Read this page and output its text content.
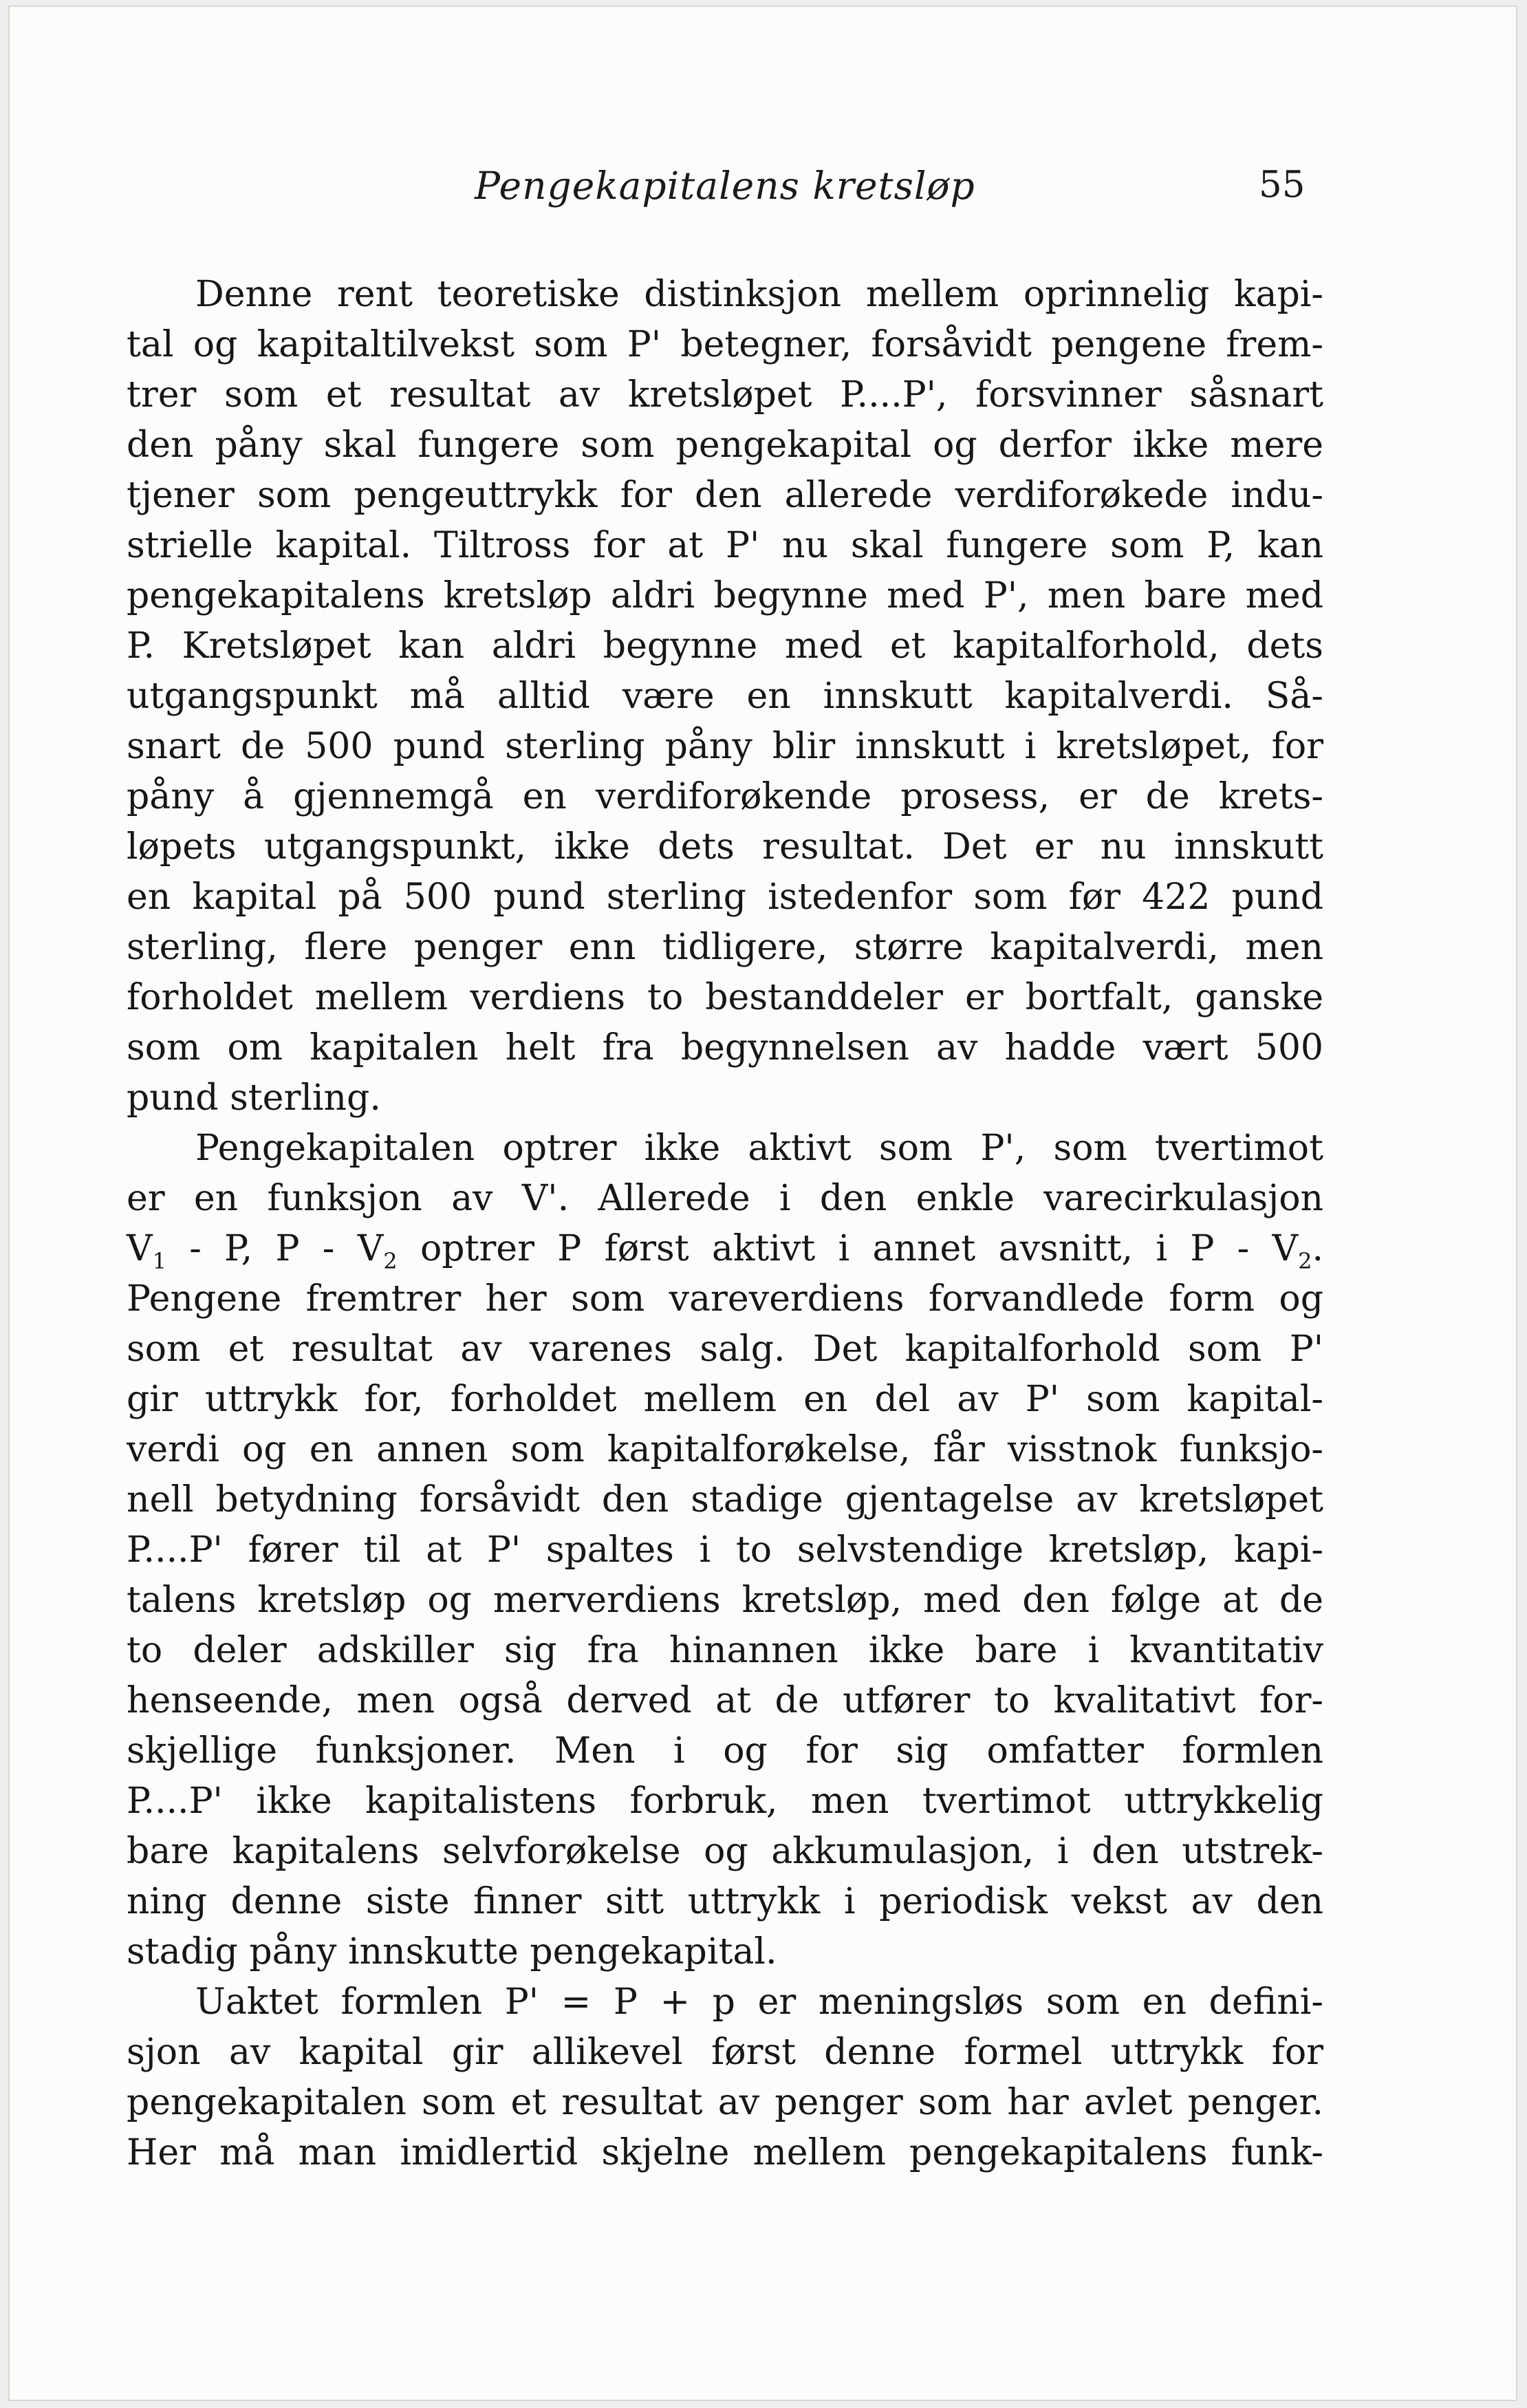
Pengekapitalens kretsløp	55
Denne rent teoretiske distinksjon mellem oprinnelig kapi-
tal og kapitaltilvekst som P' betegner, forsåvidt pengene frem-
trer som et resultat av kretsløpet P....P', forsvinner såsnart
den påny skal fungere som pengekapital og derfor ikke mere
tjener som pengeuttrykk for den allerede verdiforøkede indu-
strielle kapital. Tiltross for at P' nu skal fungere som P, kan
pengekapitalens kretsløp aldri begynne med P', men bare med
P. Kretsløpet kan aldri begynne med et kapitalforhold, dets
utgangspunkt må alltid være en innskutt kapitalverdi. Så-
snart de 500 pund sterling påny blir innskutt i kretsløpet, for
påny å gjennemgå en verdiforøkende prosess, er de krets-
løpets utgangspunkt, ikke dets resultat. Det er nu innskutt
en kapital på 500 pund sterling istedenfor som før 422 pund
sterling, flere penger enn tidligere, større kapitalverdi, men
forholdet mellem verdiens to bestanddeler er bortfalt, ganske
som om kapitalen helt fra begynnelsen av hadde vært 500
pund sterling.
Pengekapitalen optrer ikke aktivt som P', som tvertimot
er en funksjon av V'. Allerede i den enkle varecirkulasjon
$V_1$ - P, P - $V_2$ optrer P først aktivt i annet avsnitt, i P - $V_2$.
Pengene fremtrer her som vareverdiens forvandlede form og
som et resultat av varenes salg. Det kapitalforhold som P'
gir uttrykk for, forholdet mellem en del av P' som kapital-
verdi og en annen som kapitalforøkelse, får visstnok funksjo-
nell betydning forsåvidt den stadige gjentagelse av kretsløpet
P....P' fører til at P' spaltes i to selvstendige kretsløp, kapi-
talens kretsløp og merverdiens kretsløp, med den følge at de
to deler adskiller sig fra hinannen ikke bare i kvantitativ
henseende, men også derved at de utfører to kvalitativt for-
skjellige funksjoner. Men i og for sig omfatter formlen
P....P' ikke kapitalistens forbruk, men tvertimot uttrykkelig
bare kapitalens selvforøkelse og akkumulasjon, i den utstrek-
ning denne siste finner sitt uttrykk i periodisk vekst av den
stadig påny innskutte pengekapital.
Uaktet formlen P' = P + p er meningsløs som en defini-
sjon av kapital gir allikevel først denne formel uttrykk for
pengekapitalen som et resultat av penger som har avlet penger.
Her må man imidlertid skjelne mellem pengekapitalens funk-
